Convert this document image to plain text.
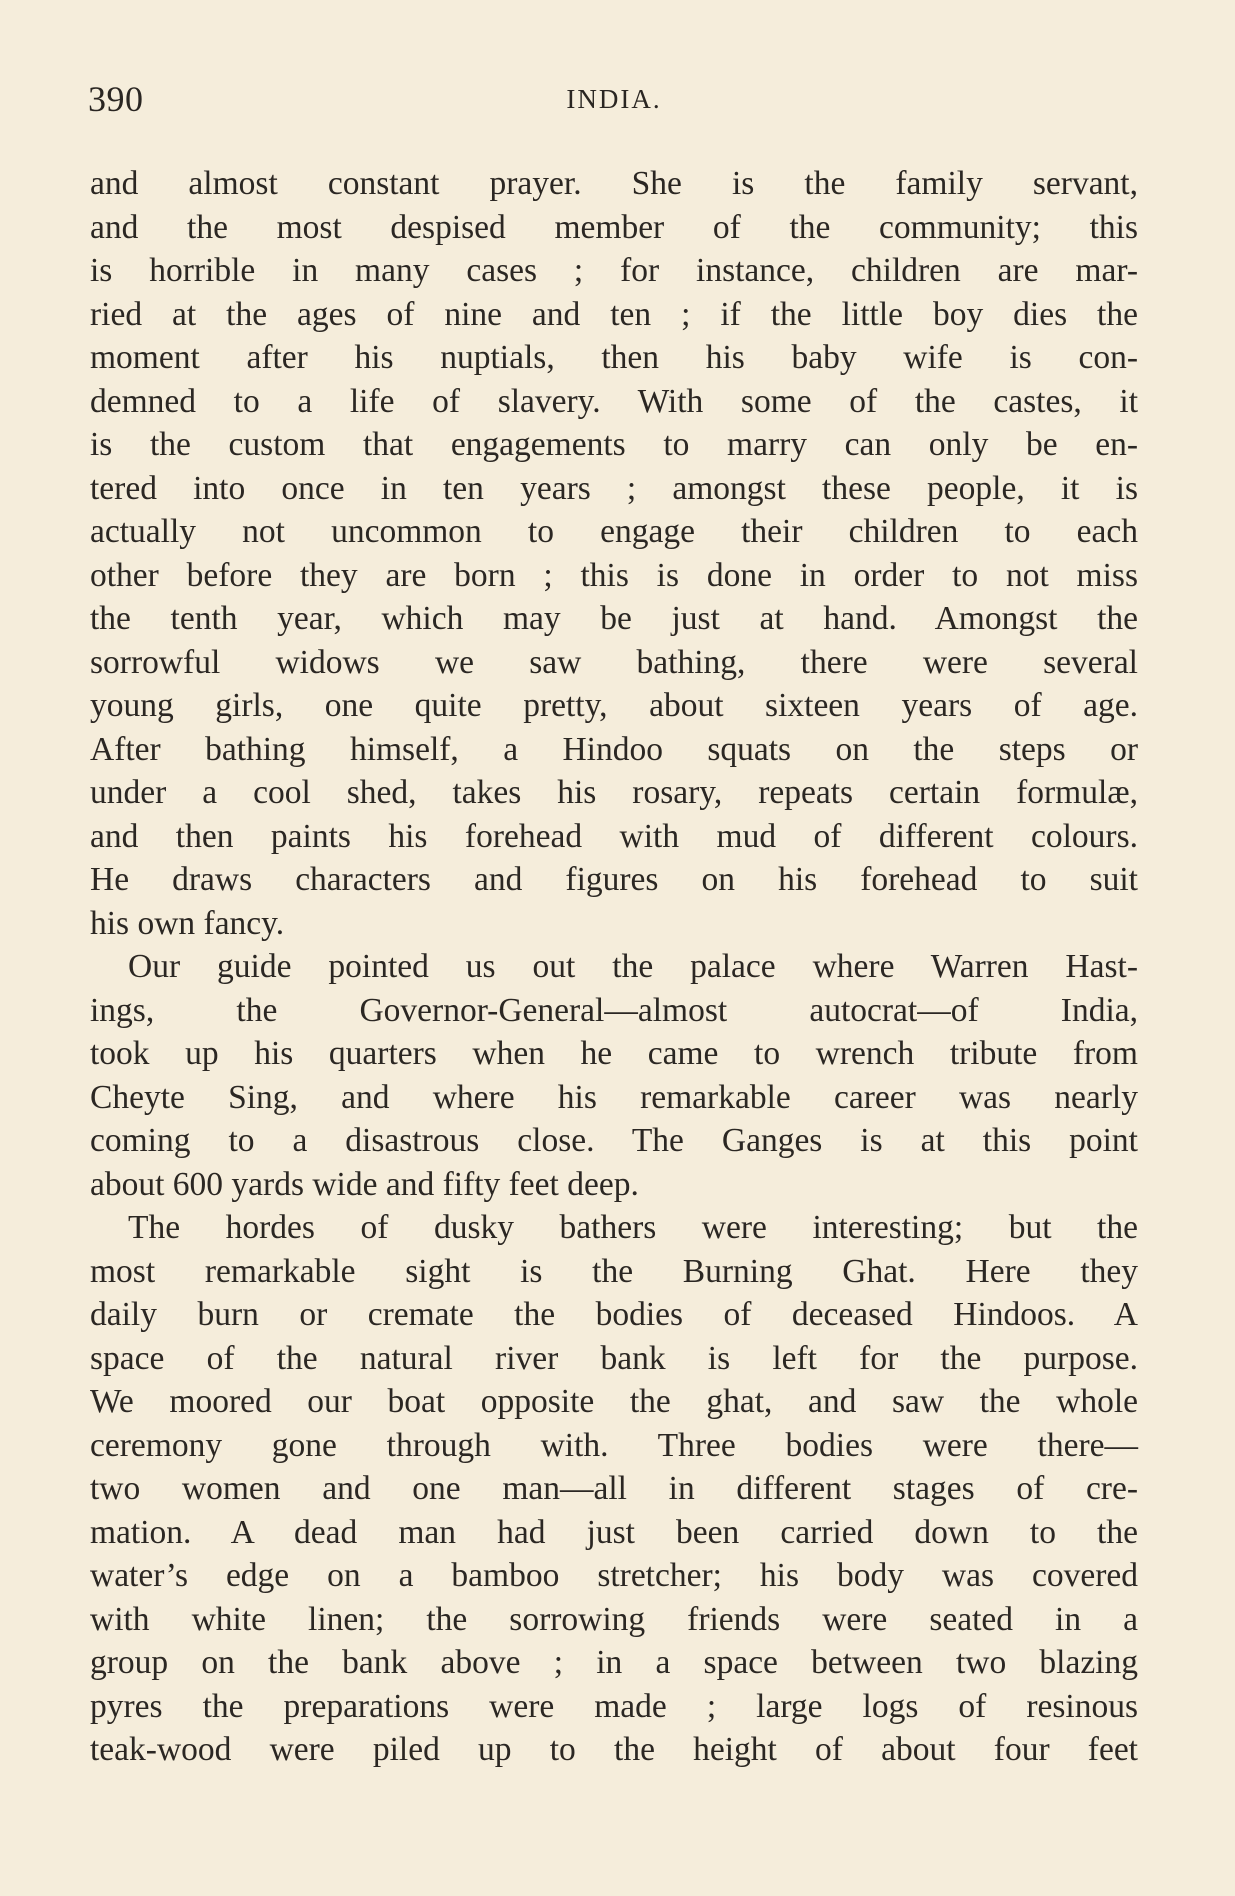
390	INDIA.
and almost constant prayer. She is the family servant,
and the most despised member of the community; this
is horrible in many cases ; for instance, children are mar-
ried at the ages of nine and ten ; if the little boy dies the
moment after his nuptials, then his baby wife is con-
demned to a life of slavery. With some of the castes, it
is the custom that engagements to marry can only be en-
tered into once in ten years ; amongst these people, it is
actually not uncommon to engage their children to each
other before they are born ; this is done in order to not miss
the tenth year, which may be just at hand. Amongst the
sorrowful widows we saw bathing, there were several
young girls, one quite pretty, about sixteen years of age.
After bathing himself, a Hindoo squats on the steps or
under a cool shed, takes his rosary, repeats certain formulæ,
and then paints his forehead with mud of different colours.
He draws characters and figures on his forehead to suit
his own fancy.
Our guide pointed us out the palace where Warren Hast-
ings, the Governor-General—almost autocrat—of India,
took up his quarters when he came to wrench tribute from
Cheyte Sing, and where his remarkable career was nearly
coming to a disastrous close. The Ganges is at this point
about 600 yards wide and fifty feet deep.
The hordes of dusky bathers were interesting; but the
most remarkable sight is the Burning Ghat. Here they
daily burn or cremate the bodies of deceased Hindoos. A
space of the natural river bank is left for the purpose.
We moored our boat opposite the ghat, and saw the whole
ceremony gone through with. Three bodies were there—
two women and one man—all in different stages of cre-
mation. A dead man had just been carried down to the
water’s edge on a bamboo stretcher; his body was covered
with white linen; the sorrowing friends were seated in a
group on the bank above ; in a space between two blazing
pyres the preparations were made ; large logs of resinous
teak-wood were piled up to the height of about four feet
